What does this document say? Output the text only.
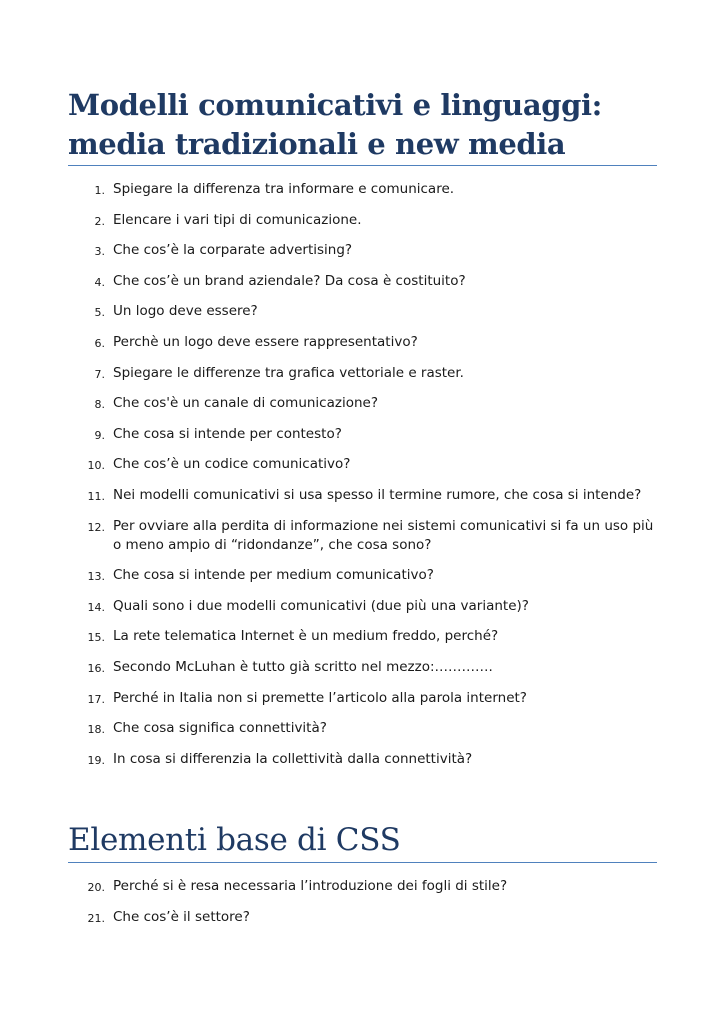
Modelli comunicativi e linguaggi:
media tradizionali e new media
1. Spiegare la differenza tra informare e comunicare.
2. Elencare i vari tipi di comunicazione.
3. Che cos’è la corparate advertising?
4. Che cos’è un brand aziendale? Da cosa è costituito?
5. Un logo deve essere?
6. Perchè un logo deve essere rappresentativo?
7. Spiegare le differenze tra grafica vettoriale e raster.
8. Che cos'è un canale di comunicazione?
9. Che cosa si intende per contesto?
10. Che cos’è un codice comunicativo?
11. Nei modelli comunicativi si usa spesso il termine rumore, che cosa si intende?
12. Per ovviare alla perdita di informazione nei sistemi comunicativi si fa un uso più o meno ampio di “ridondanze”, che cosa sono?
13. Che cosa si intende per medium comunicativo?
14. Quali sono i due modelli comunicativi (due più una variante)?
15. La rete telematica Internet è un medium freddo, perché?
16. Secondo McLuhan è tutto già scritto nel mezzo:………….
17. Perché in Italia non si premette l’articolo alla parola internet?
18. Che cosa significa connettività?
19. In cosa si differenzia la collettività dalla connettività?
Elementi base di CSS
20. Perché si è resa necessaria l’introduzione dei fogli di stile?
21. Che cos’è il settore?
